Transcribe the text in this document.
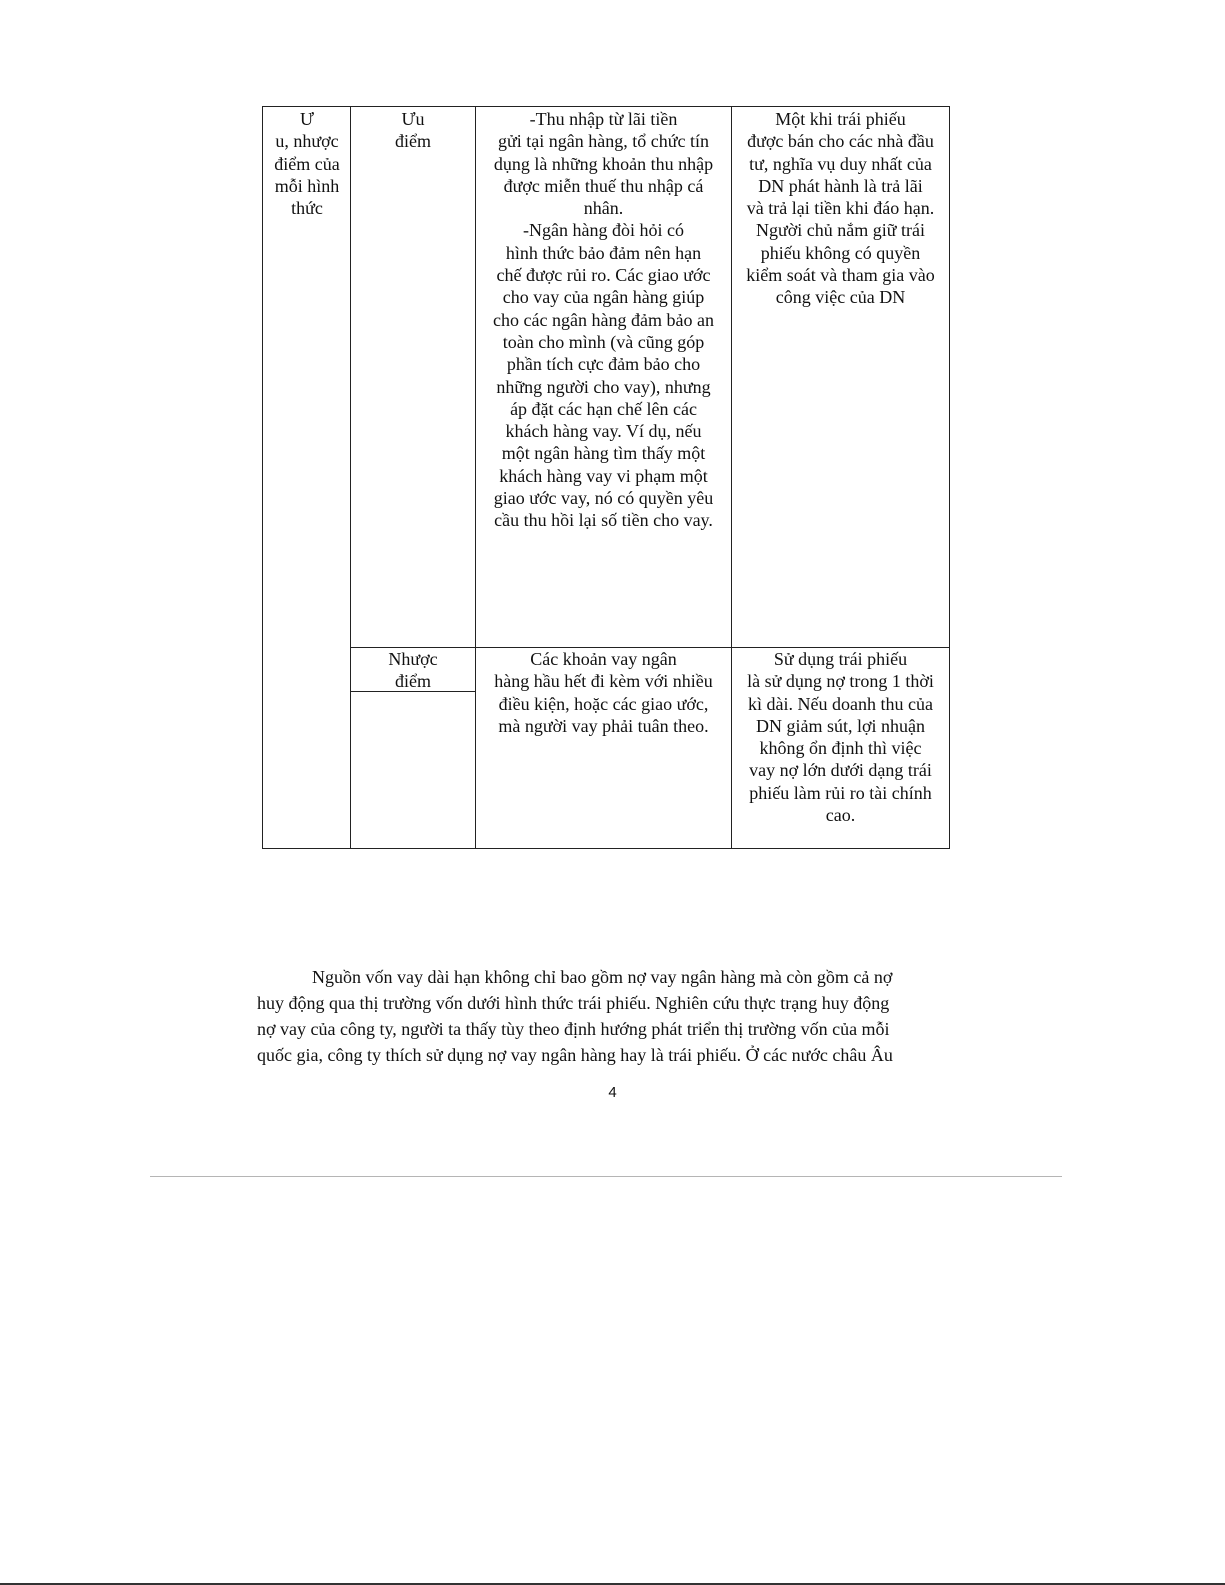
Ư
u, nhược
điểm của
mỗi hình
thức
Ưu
điểm
-Thu nhập từ lãi tiền
gửi tại ngân hàng, tổ chức tín
dụng là những khoản thu nhập
được miễn thuế thu nhập cá
nhân.
-Ngân hàng đòi hỏi có
hình thức bảo đảm nên hạn
chế được rủi ro. Các giao ước
cho vay của ngân hàng giúp
cho các ngân hàng đảm bảo an
toàn cho mình (và cũng góp
phần tích cực đảm bảo cho
những người cho vay), nhưng
áp đặt các hạn chế lên các
khách hàng vay. Ví dụ, nếu
một ngân hàng tìm thấy một
khách hàng vay vi phạm một
giao ước vay, nó có quyền yêu
cầu thu hồi lại số tiền cho vay.
Một khi trái phiếu
được bán cho các nhà đầu
tư, nghĩa vụ duy nhất của
DN phát hành là trả lãi
và trả lại tiền khi đáo hạn.
Người chủ nắm giữ trái
phiếu không có quyền
kiểm soát và tham gia vào
công việc của DN
Nhược
điểm
Các khoản vay ngân
hàng hầu hết đi kèm với nhiều
điều kiện, hoặc các giao ước,
mà người vay phải tuân theo.
Sử dụng trái phiếu
là sử dụng nợ trong 1 thời
kì dài. Nếu doanh thu của
DN giảm sút, lợi nhuận
không ổn định thì việc
vay nợ lớn dưới dạng trái
phiếu làm rủi ro tài chính
cao.
Nguồn vốn vay dài hạn không chỉ bao gồm nợ vay ngân hàng mà còn gồm cả nợ
huy động qua thị trường vốn dưới hình thức trái phiếu. Nghiên cứu thực trạng huy động
nợ vay của công ty, người ta thấy tùy theo định hướng phát triển thị trường vốn của mỗi
quốc gia, công ty thích sử dụng nợ vay ngân hàng hay là trái phiếu. Ở các nước châu Âu
4
